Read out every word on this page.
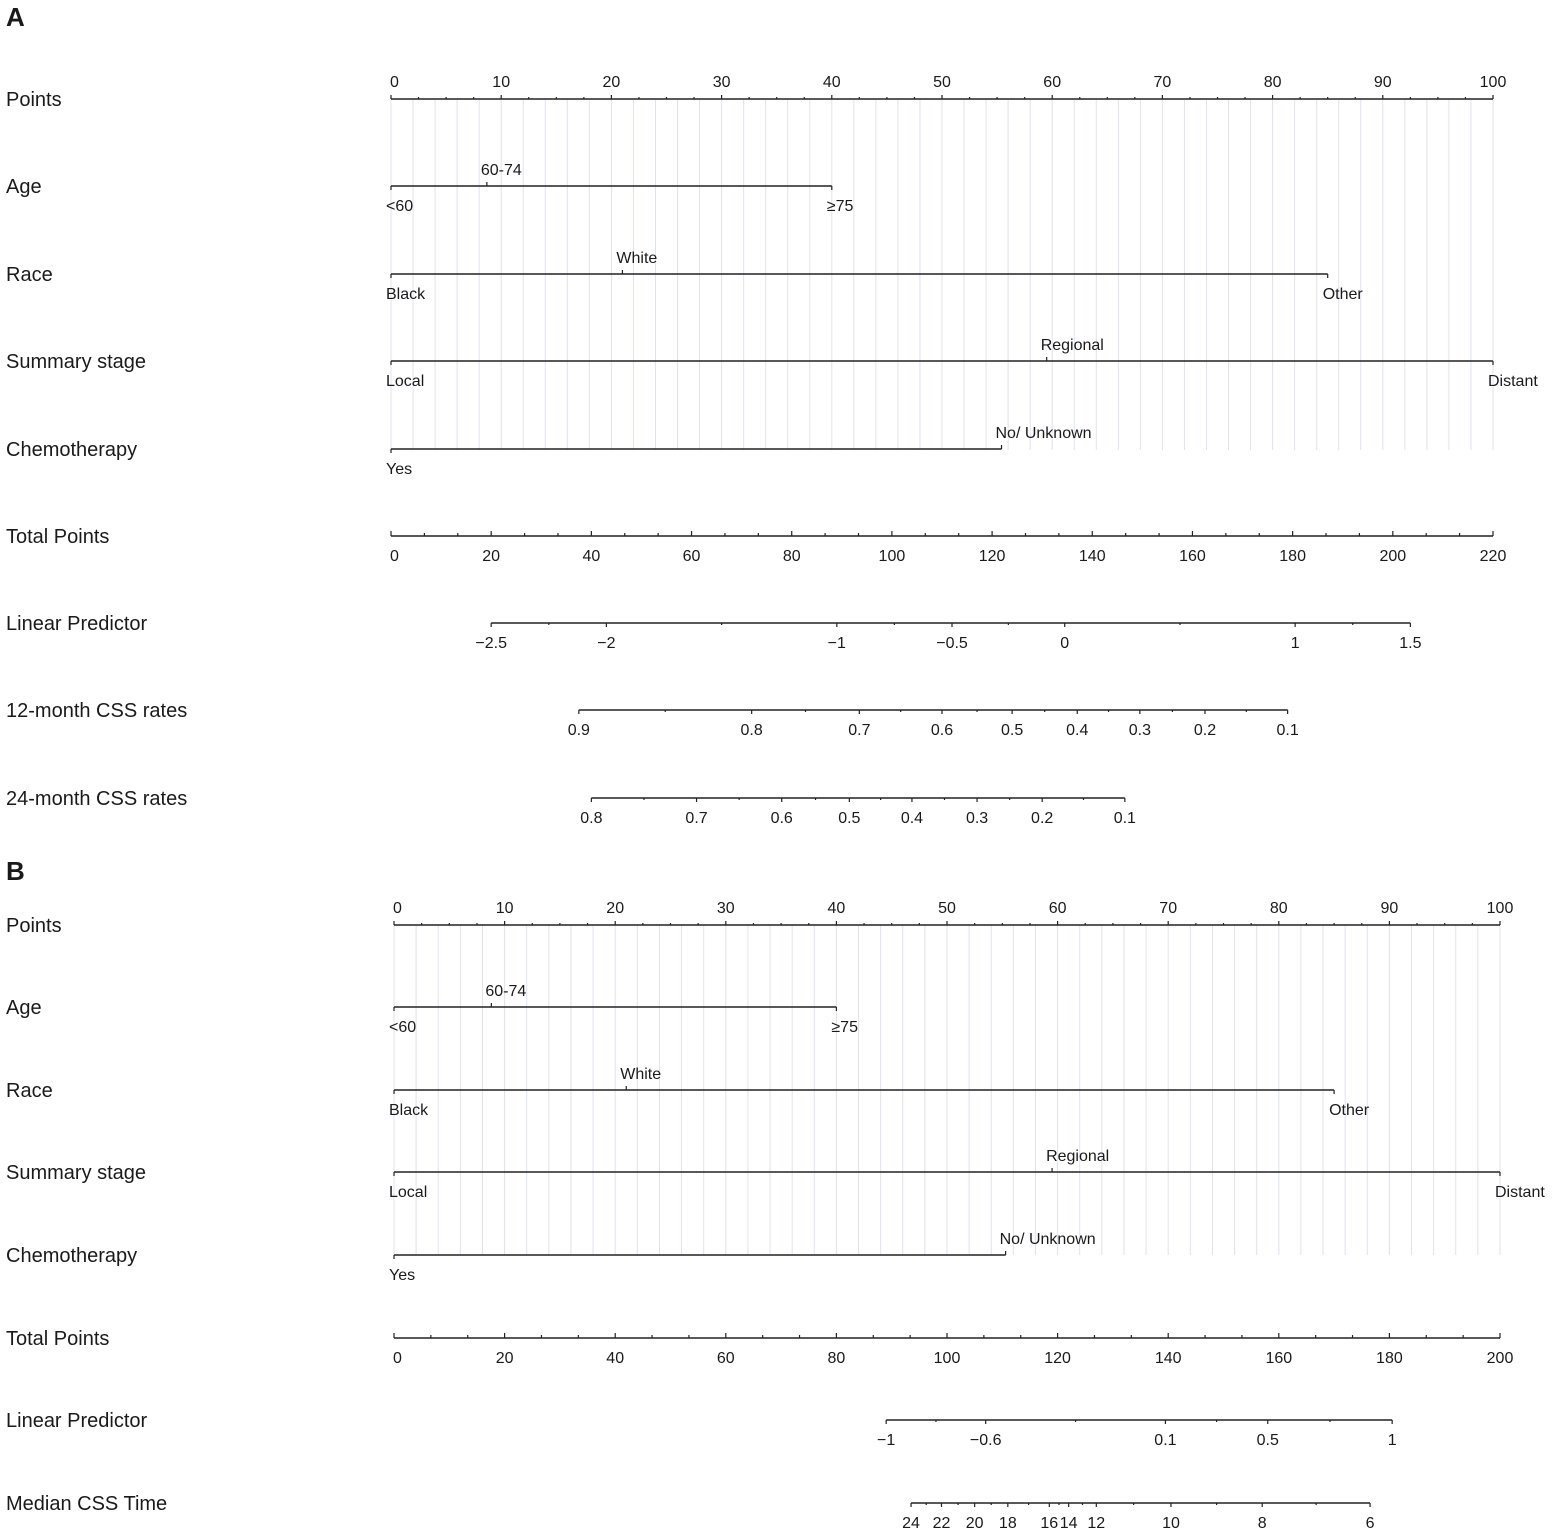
A
B
Points
0	10	20	30	40	50	60	70	80	90	100
Age
<60
60-74
≥75
Race
Black
White
Other
Summary stage
Local
Regional
Distant
Chemotherapy
Yes
No/ Unknown
Total Points
0	20	40	60	80	100	120	140	160	180	200	220
Linear Predictor
−2.5	−2	−1	−0.5	0	1	1.5
12-month CSS rates
0.9	0.8	0.7	0.6	0.5	0.4	0.3	0.2	0.1
24-month CSS rates
0.8	0.7	0.6	0.5	0.4	0.3	0.2	0.1
Points
0	10	20	30	40	50	60	70	80	90	100
Age
<60
60-74
≥75
Race
Black
White
Other
Summary stage
Local
Regional
Distant
Chemotherapy
Yes
No/ Unknown
Total Points
0	20	40	60	80	100	120	140	160	180	200
Linear Predictor
−1	−0.6	0.1	0.5	1
Median CSS Time
24 22 20 18 16 14 12	10	8	6
